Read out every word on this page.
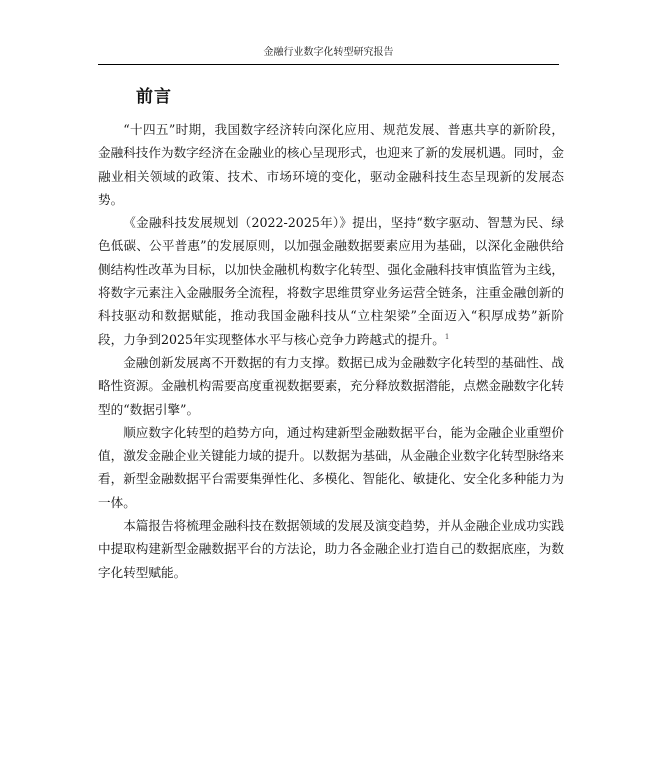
金融行业数字化转型研究报告
前言

“十四五”时期，我国数字经济转向深化应用、规范发展、普惠共享的新阶段，金融科技作为数字经济在金融业的核心呈现形式，也迎来了新的发展机遇。同时，金融业相关领域的政策、技术、市场环境的变化，驱动金融科技生态呈现新的发展态势。

《金融科技发展规划（2022-2025年）》提出，坚持“数字驱动、智慧为民、绿色低碳、公平普惠”的发展原则，以加强金融数据要素应用为基础，以深化金融供给侧结构性改革为目标，以加快金融机构数字化转型、强化金融科技审慎监管为主线，将数字元素注入金融服务全流程，将数字思维贯穿业务运营全链条，注重金融创新的科技驱动和数据赋能，推动我国金融科技从“立柱架梁”全面迈入“积厚成势”新阶段，力争到2025年实现整体水平与核心竞争力跨越式的提升。$^1$

金融创新发展离不开数据的有力支撑。数据已成为金融数字化转型的基础性、战略性资源。金融机构需要高度重视数据要素，充分释放数据潜能，点燃金融数字化转型的“数据引擎”。

顺应数字化转型的趋势方向，通过构建新型金融数据平台，能为金融企业重塑价值，激发金融企业关键能力域的提升。以数据为基础，从金融企业数字化转型脉络来看，新型金融数据平台需要集弹性化、多模化、智能化、敏捷化、安全化多种能力为一体。

本篇报告将梳理金融科技在数据领域的发展及演变趋势，并从金融企业成功实践中提取构建新型金融数据平台的方法论，助力各金融企业打造自己的数据底座，为数字化转型赋能。
